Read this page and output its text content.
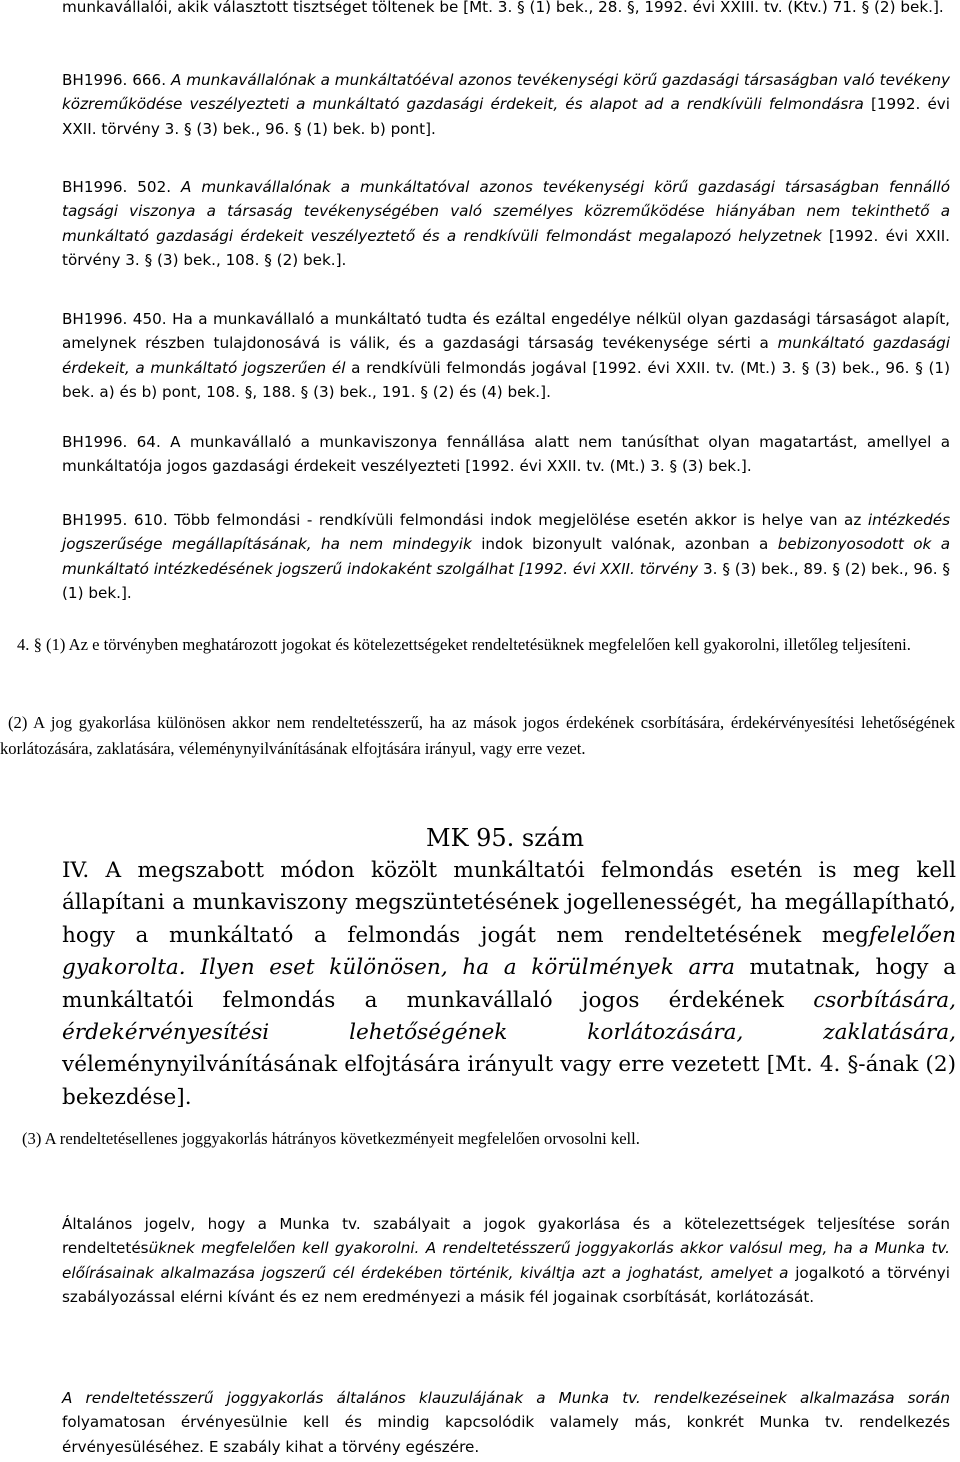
munkavállalói, akik választott tisztséget töltenek be [Mt. 3. § (1) bek., 28. §, 1992. évi XXIII. tv. (Ktv.) 71. § (2) bek.].

BH1996. 666. A munkavállalónak a munkáltatóéval azonos tevékenységi körű gazdasági társaságban való tevékeny közreműködése veszélyezteti a munkáltató gazdasági érdekeit, és alapot ad a rendkívüli felmondásra [1992. évi XXII. törvény 3. § (3) bek., 96. § (1) bek. b) pont].

BH1996. 502. A munkavállalónak a munkáltatóval azonos tevékenységi körű gazdasági társaságban fennálló tagsági viszonya a társaság tevékenységében való személyes közreműködése hiányában nem tekinthető a munkáltató gazdasági érdekeit veszélyeztető és a rendkívüli felmondást megalapozó helyzetnek [1992. évi XXII. törvény 3. § (3) bek., 108. § (2) bek.].

BH1996. 450. Ha a munkavállaló a munkáltató tudta és ezáltal engedélye nélkül olyan gazdasági társaságot alapít, amelynek részben tulajdonosává is válik, és a gazdasági társaság tevékenysége sérti a munkáltató gazdasági érdekeit, a munkáltató jogszerűen él a rendkívüli felmondás jogával [1992. évi XXII. tv. (Mt.) 3. § (3) bek., 96. § (1) bek. a) és b) pont, 108. §, 188. § (3) bek., 191. § (2) és (4) bek.].

BH1996. 64. A munkavállaló a munkaviszonya fennállása alatt nem tanúsíthat olyan magatartást, amellyel a munkáltatója jogos gazdasági érdekeit veszélyezteti [1992. évi XXII. tv. (Mt.) 3. § (3) bek.].

BH1995. 610. Több felmondási - rendkívüli felmondási indok megjelölése esetén akkor is helye van az intézkedés jogszerűsége megállapításának, ha nem mindegyik indok bizonyult valónak, azonban a bebizonyosodott ok a munkáltató intézkedésének jogszerű indokaként szolgálhat [1992. évi XXII. törvény 3. § (3) bek., 89. § (2) bek., 96. § (1) bek.].

4. § (1) Az e törvényben meghatározott jogokat és kötelezettségeket rendeltetésüknek megfelelően kell gyakorolni, illetőleg teljesíteni.

(2) A jog gyakorlása különösen akkor nem rendeltetésszerű, ha az mások jogos érdekének csorbítására, érdekérvényesítési lehetőségének korlátozására, zaklatására, véleménynyilvánításának elfojtására irányul, vagy erre vezet.

MK 95. szám

IV. A megszabott módon közölt munkáltatói felmondás esetén is meg kell állapítani a munkaviszony megszüntetésének jogellenességét, ha megállapítható, hogy a munkáltató a felmondás jogát nem rendeltetésének megfelelően gyakorolta. Ilyen eset különösen, ha a körülmények arra mutatnak, hogy a munkáltatói felmondás a munkavállaló jogos érdekének csorbítására, érdekérvényesítési lehetőségének korlátozására, zaklatására, véleménynyilvánításának elfojtására irányult vagy erre vezetett [Mt. 4. §-ának (2) bekezdése].

(3) A rendeltetésellenes joggyakorlás hátrányos következményeit megfelelően orvosolni kell.

Általános jogelv, hogy a Munka tv. szabályait a jogok gyakorlása és a kötelezettségek teljesítése során rendeltetésüknek megfelelően kell gyakorolni. A rendeltetésszerű joggyakorlás akkor valósul meg, ha a Munka tv. előírásainak alkalmazása jogszerű cél érdekében történik, kiváltja azt a joghatást, amelyet a jogalkotó a törvényi szabályozással elérni kívánt és ez nem eredményezi a másik fél jogainak csorbítását, korlátozását.

A rendeltetésszerű joggyakorlás általános klauzulájának a Munka tv. rendelkezéseinek alkalmazása során folyamatosan érvényesülnie kell és mindig kapcsolódik valamely más, konkrét Munka tv. rendelkezés érvényesüléséhez. E szabály kihat a törvény egészére.
